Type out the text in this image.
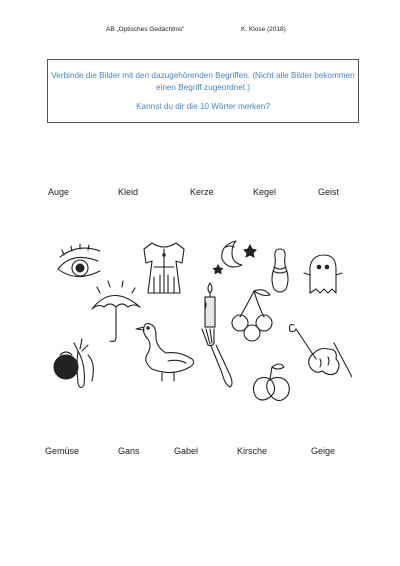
AB „Optisches Gedächtnis“	K. Klose (2018)
Verbinde die Bilder mit den dazugehörenden Begriffen. (Nicht alle Bilder bekommen einen Begriff zugeordnet.)
Kannst du dir die 10 Wörter merken?
Auge	Kleid	Kerze	Kegel	Geist
Gemüse	Gans	Gabel	Kirsche	Geige
